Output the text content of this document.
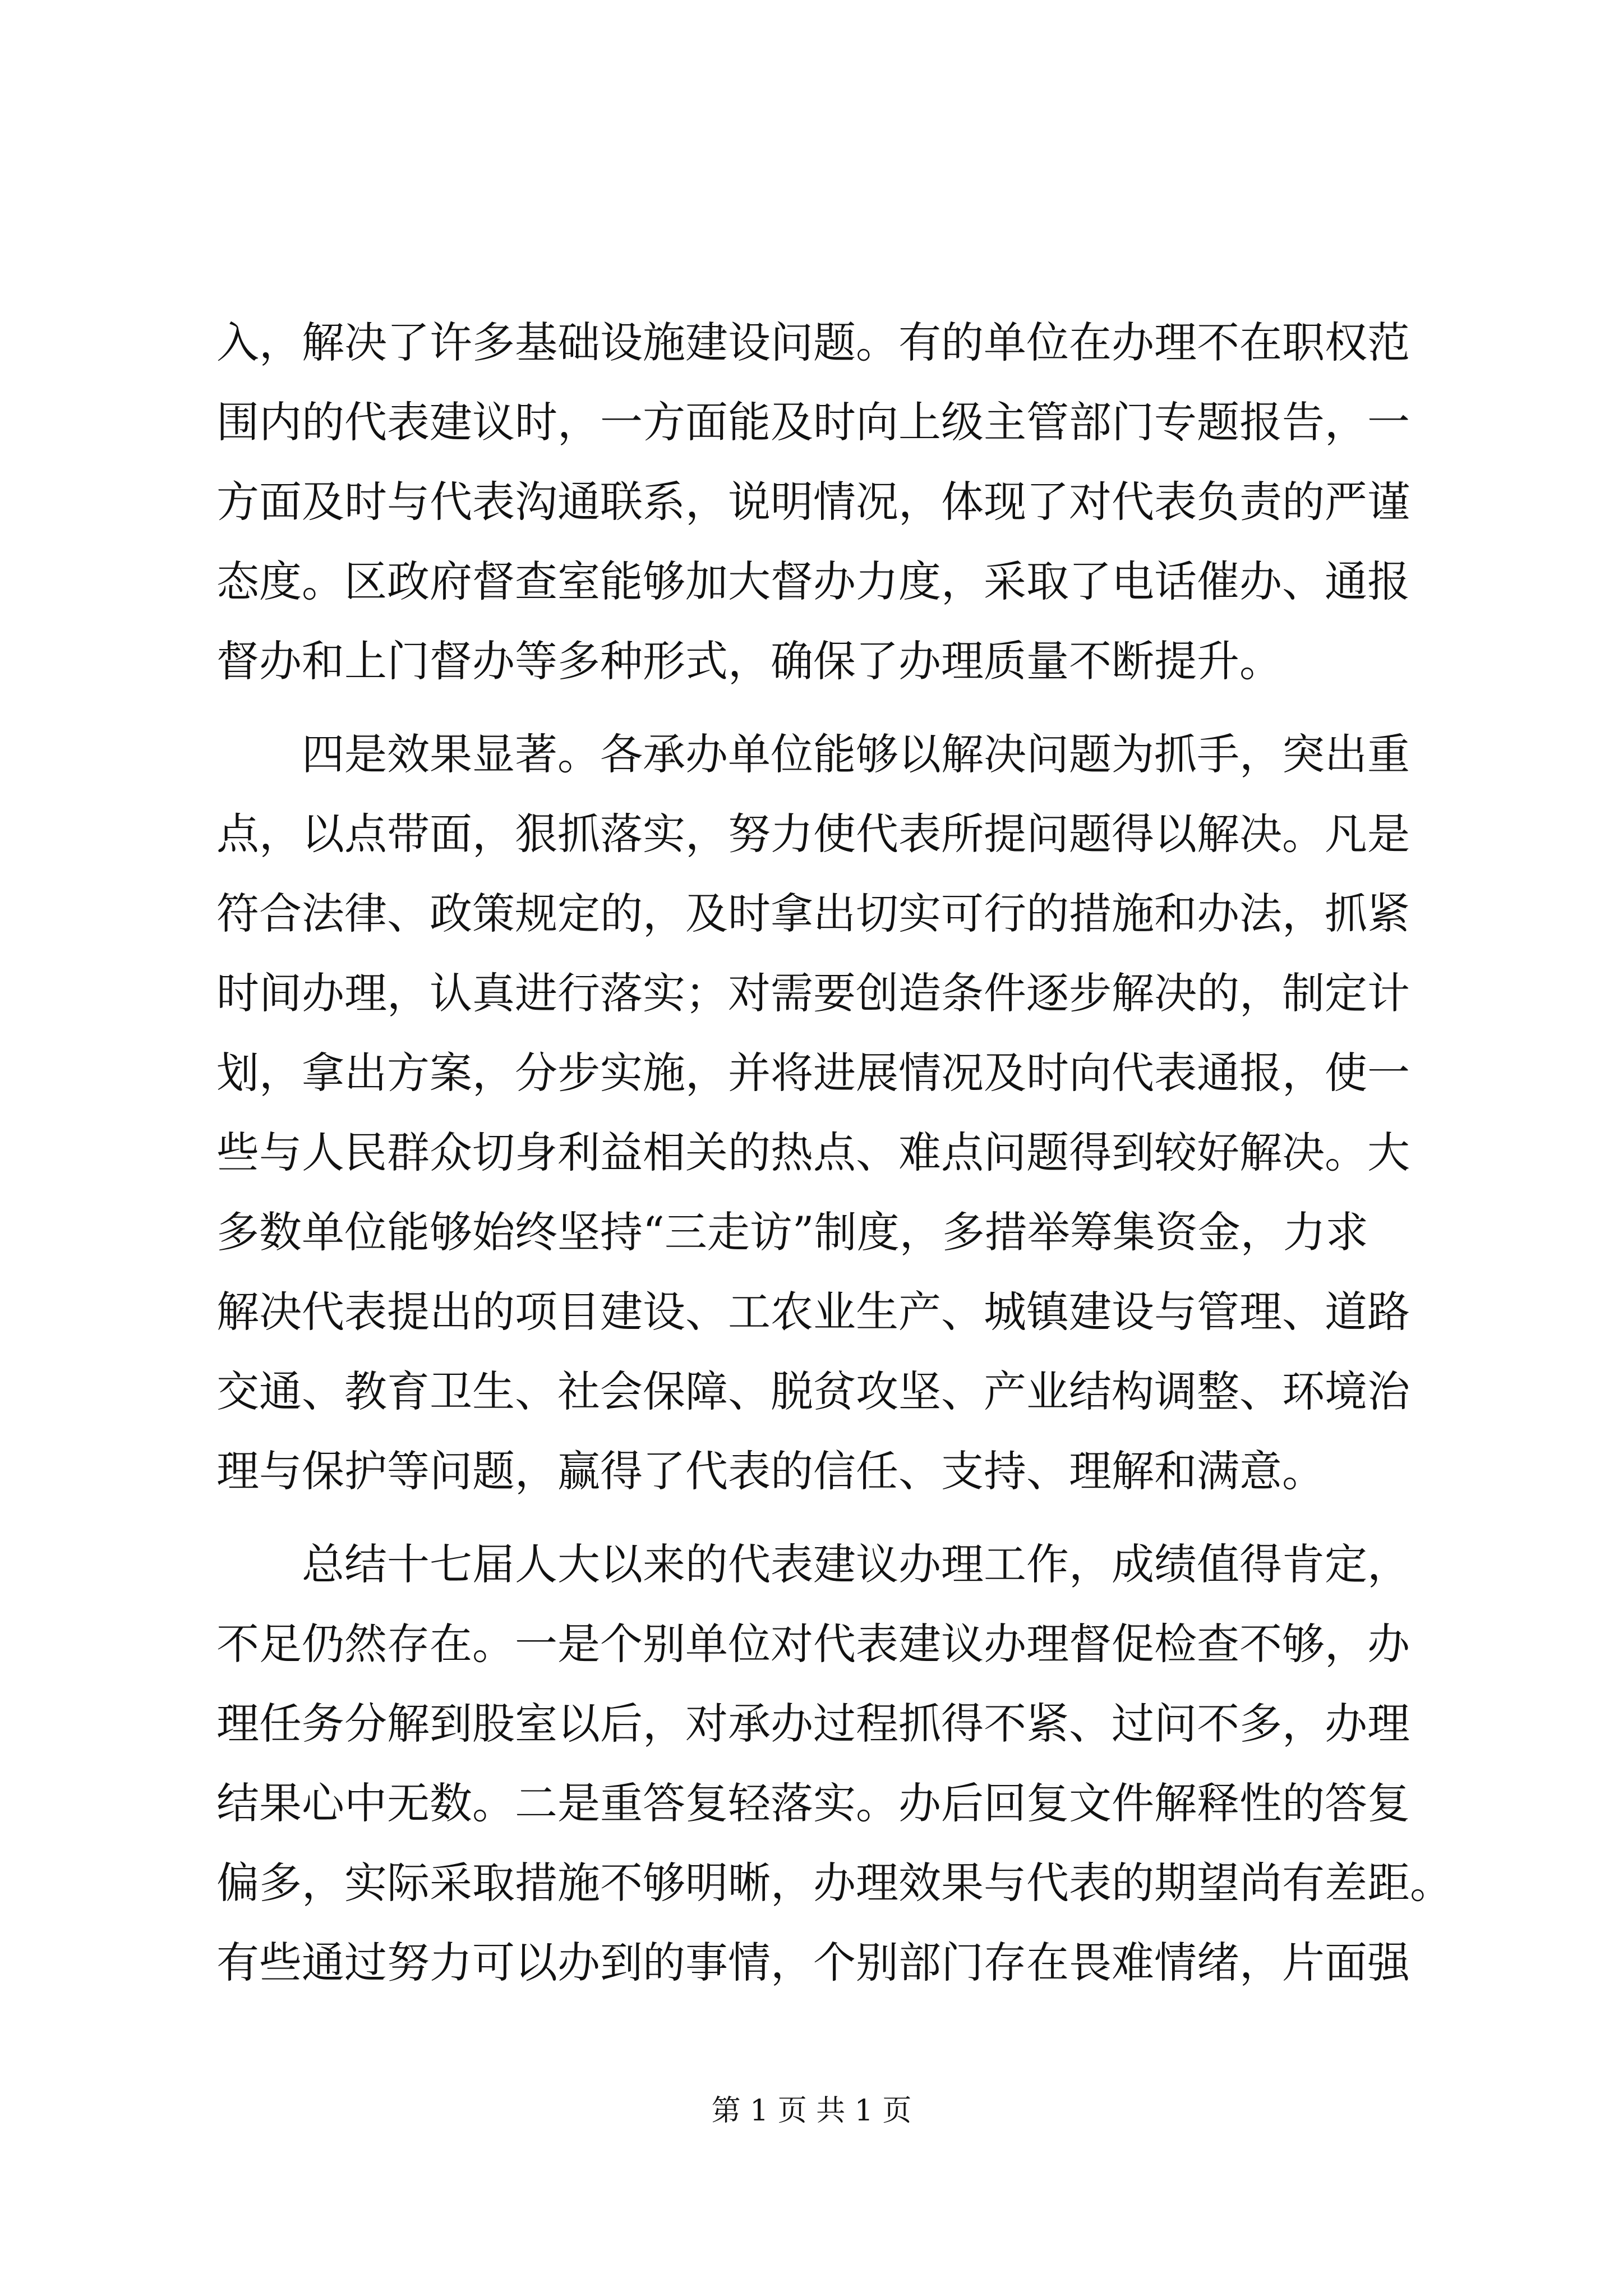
入，解决了许多基础设施建设问题。有的单位在办理不在职权范
围内的代表建议时，一方面能及时向上级主管部门专题报告，一
方面及时与代表沟通联系，说明情况，体现了对代表负责的严谨
态度。区政府督查室能够加大督办力度，采取了电话催办、通报
督办和上门督办等多种形式，确保了办理质量不断提升。
　　四是效果显著。各承办单位能够以解决问题为抓手，突出重
点，以点带面，狠抓落实，努力使代表所提问题得以解决。凡是
符合法律、政策规定的，及时拿出切实可行的措施和办法，抓紧
时间办理，认真进行落实；对需要创造条件逐步解决的，制定计
划，拿出方案，分步实施，并将进展情况及时向代表通报，使一
些与人民群众切身利益相关的热点、难点问题得到较好解决。大
多数单位能够始终坚持“三走访”制度，多措举筹集资金，力求
解决代表提出的项目建设、工农业生产、城镇建设与管理、道路
交通、教育卫生、社会保障、脱贫攻坚、产业结构调整、环境治
理与保护等问题，赢得了代表的信任、支持、理解和满意。
　　总结十七届人大以来的代表建议办理工作，成绩值得肯定，
不足仍然存在。一是个别单位对代表建议办理督促检查不够，办
理任务分解到股室以后，对承办过程抓得不紧、过问不多，办理
结果心中无数。二是重答复轻落实。办后回复文件解释性的答复
偏多，实际采取措施不够明晰，办理效果与代表的期望尚有差距。
有些通过努力可以办到的事情，个别部门存在畏难情绪，片面强
第 1 页 共 1 页
